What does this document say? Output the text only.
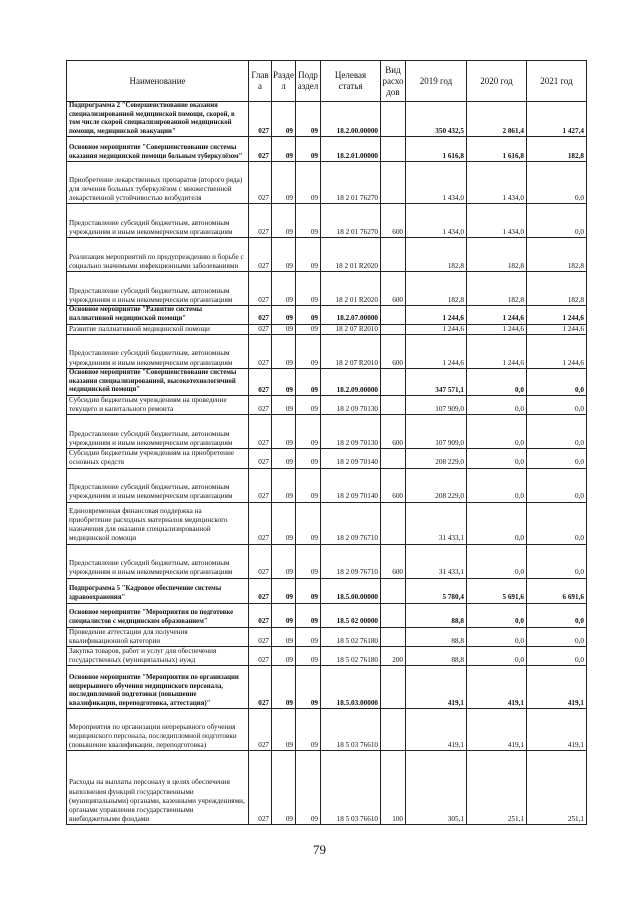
Наименование	Глав а	Разде л	Подр аздел	Целевая статья	Вид расхо дов	2019 год	2020 год	2021 год
Подпрограмма 2 "Совершенствование оказания специализированной медицинской помощи, скорой, в том числе скорой специализированной медицинской помощи, медицинской эвакуации"	027	09	09	18.2.00.00000		350 432,5	2 861,4	1 427,4
Основное мероприятие "Совершенствование системы оказания медицинской помощи больным туберкулёзом"	027	09	09	18.2.01.00000		1 616,8	1 616,8	182,8
Приобретение лекарственных препаратов (второго ряда) для лечения больных туберкулёзом с множественной лекарственной устойчивостью возбудителя	027	09	09	18 2 01 76270		1 434,0	1 434,0	0,0
Предоставление субсидий бюджетным, автономным учреждениям и иным некоммерческим организациям	027	09	09	18 2 01 76270	600	1 434,0	1 434,0	0,0
Реализация мероприятий по предупреждению и борьбе с социально значимыми инфекционными заболеваниями	027	09	09	18 2 01 R2020		182,8	182,8	182,8
Предоставление субсидий бюджетным, автономным учреждениям и иным некоммерческим организациям	027	09	09	18 2 01 R2020	600	182,8	182,8	182,8
Основное мероприятие "Развитие системы паллиативной медицинской помощи"	027	09	09	18.2.07.00000		1 244,6	1 244,6	1 244,6
Развитие паллиативной медицинской помощи	027	09	09	18 2 07 R2010		1 244,6	1 244,6	1 244,6
Предоставление субсидий бюджетным, автономным учреждениям и иным некоммерческим организациям	027	09	09	18 2 07 R2010	600	1 244,6	1 244,6	1 244,6
Основное мероприятие "Совершенствование системы оказания специализированной, высокотехнологичной медицинской помощи"	027	09	09	18.2.09.00000		347 571,1	0,0	0,0
Субсидии бюджетным учреждениям на проведение текущего и капитального ремонта	027	09	09	18 2 09 70130		107 909,0	0,0	0,0
Предоставление субсидий бюджетным, автономным учреждениям и иным некоммерческим организациям	027	09	09	18 2 09 70130	600	107 909,0	0,0	0,0
Субсидии бюджетным учреждениям на приобретение основных средств	027	09	09	18 2 09 70140		208 229,0	0,0	0,0
Предоставление субсидий бюджетным, автономным учреждениям и иным некоммерческим организациям	027	09	09	18 2 09 70140	600	208 229,0	0,0	0,0
Единовременная финансовая поддержка на приобретение расходных материалов медицинского назначения для оказания специализированной медицинской помощи	027	09	09	18 2 09 76710		31 433,1	0,0	0,0
Предоставление субсидий бюджетным, автономным учреждениям и иным некоммерческим организациям	027	09	09	18 2 09 76710	600	31 433,1	0,0	0,0
Подпрограмма 5 "Кадровое обеспечение системы здравоохранения"	027	09	09	18.5.00.00000		5 780,4	5 691,6	6 691,6
Основное мероприятие "Мероприятия по подготовке специалистов с медицинским образованием"	027	09	09	18.5 02 00000		88,8	0,0	0,0
Проведение аттестации для получения квалификационной категории	027	09	09	18 5 02 76180		88,8	0,0	0,0
Закупка товаров, работ и услуг для обеспечения государственных (муниципальных) нужд	027	09	09	18 5 02 76180	200	88,8	0,0	0,0
Основное мероприятие "Мероприятия по организации непрерывного обучения медицинского персонала, последипломной подготовки (повышение квалификации, переподготовка, аттестация)"	027	09	09	18.5.03.00000		419,1	419,1	419,1
Мероприятия по организации непрерывного обучения медицинского персонала, последипломной подготовки (повышение квалификации, переподготовка)	027	09	09	18 5 03 76610		419,1	419,1	419,1
Расходы на выплаты персоналу в целях обеспечения выполнения функций государственными (муниципальными) органами, казенными учреждениями, органами управления государственными внебюджетными фондами	027	09	09	18 5 03 76610	100	305,1	251,1	251,1
79
